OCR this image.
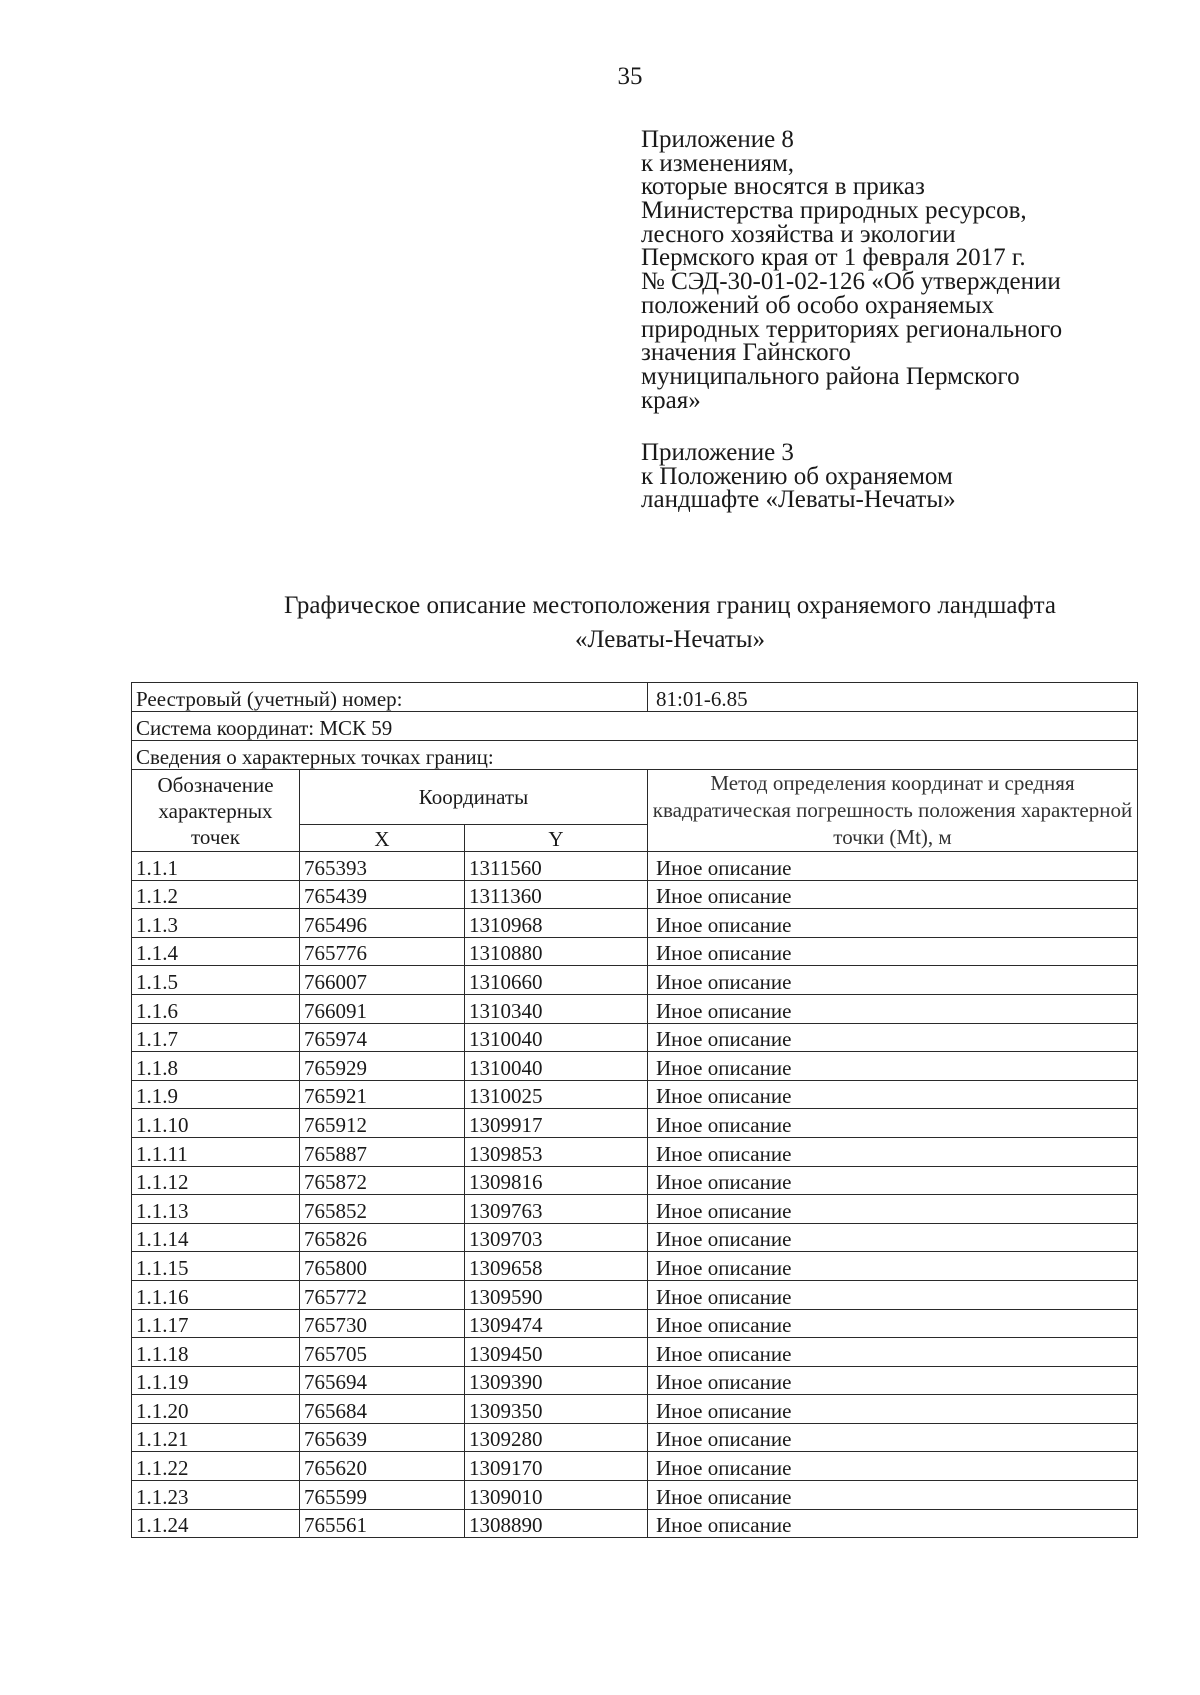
35
Приложение 8
к изменениям,
которые вносятся в приказ
Министерства природных ресурсов,
лесного хозяйства и экологии
Пермского края от 1 февраля 2017 г.
№ СЭД-30-01-02-126 «Об утверждении
положений об особо охраняемых
природных территориях регионального
значения Гайнского
муниципального района Пермского
края»
Приложение 3
к Положению об охраняемом
ландшафте «Леваты-Нечаты»
Графическое описание местоположения границ охраняемого ландшафта
«Леваты-Нечаты»
Реестровый (учетный) номер:			81:01-6.85
Система координат: МСК 59			
Сведения о характерных точках границ:			
Обозначение характерных точек	Координаты		Метод определения координат и средняя квадратическая погрешность положения характерной точки (Mt), м
	X	Y	
1.1.1	765393	1311560	Иное описание
1.1.2	765439	1311360	Иное описание
1.1.3	765496	1310968	Иное описание
1.1.4	765776	1310880	Иное описание
1.1.5	766007	1310660	Иное описание
1.1.6	766091	1310340	Иное описание
1.1.7	765974	1310040	Иное описание
1.1.8	765929	1310040	Иное описание
1.1.9	765921	1310025	Иное описание
1.1.10	765912	1309917	Иное описание
1.1.11	765887	1309853	Иное описание
1.1.12	765872	1309816	Иное описание
1.1.13	765852	1309763	Иное описание
1.1.14	765826	1309703	Иное описание
1.1.15	765800	1309658	Иное описание
1.1.16	765772	1309590	Иное описание
1.1.17	765730	1309474	Иное описание
1.1.18	765705	1309450	Иное описание
1.1.19	765694	1309390	Иное описание
1.1.20	765684	1309350	Иное описание
1.1.21	765639	1309280	Иное описание
1.1.22	765620	1309170	Иное описание
1.1.23	765599	1309010	Иное описание
1.1.24	765561	1308890	Иное описание
